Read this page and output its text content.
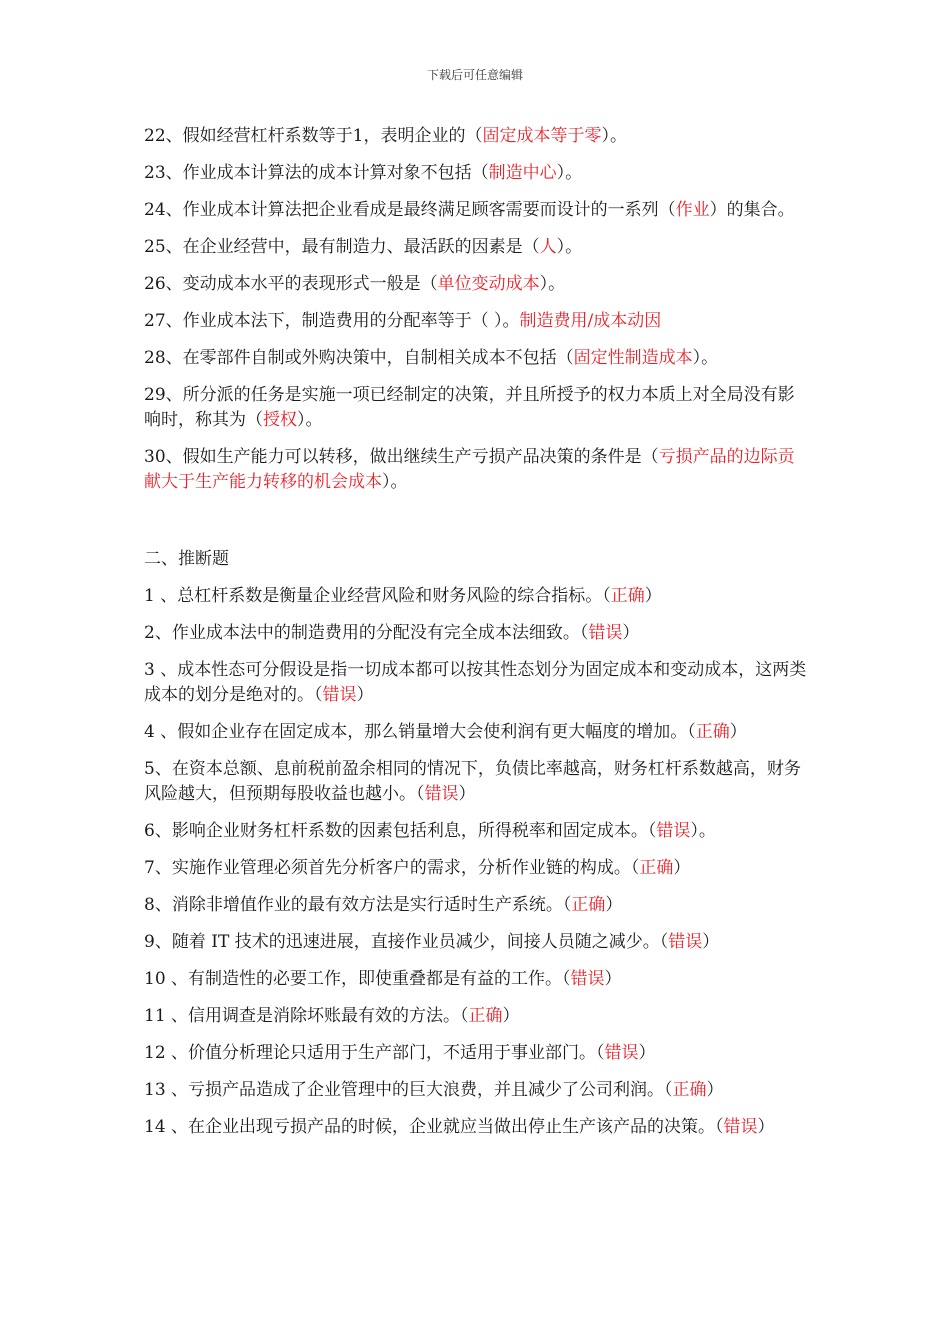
下载后可任意编辑
22、假如经营杠杆系数等于1，表明企业的（固定成本等于零）。
23、作业成本计算法的成本计算对象不包括（制造中心）。
24、作业成本计算法把企业看成是最终满足顾客需要而设计的一系列（作业）的集合。
25、在企业经营中，最有制造力、最活跃的因素是（人）。
26、变动成本水平的表现形式一般是（单位变动成本）。
27、作业成本法下，制造费用的分配率等于（ ）。制造费用/成本动因
28、在零部件自制或外购决策中，自制相关成本不包括（固定性制造成本）。
29、所分派的任务是实施一项已经制定的决策，并且所授予的权力本质上对全局没有影响时，称其为（授权）。
30、假如生产能力可以转移，做出继续生产亏损产品决策的条件是（亏损产品的边际贡献大于生产能力转移的机会成本）。
二、推断题
1 、总杠杆系数是衡量企业经营风险和财务风险的综合指标。（正确）
2、作业成本法中的制造费用的分配没有完全成本法细致。（错误）
3 、成本性态可分假设是指一切成本都可以按其性态划分为固定成本和变动成本，这两类成本的划分是绝对的。（错误）
4 、假如企业存在固定成本，那么销量增大会使利润有更大幅度的增加。（正确）
5、在资本总额、息前税前盈余相同的情况下，负债比率越高，财务杠杆系数越高，财务风险越大，但预期每股收益也越小。（错误）
6、影响企业财务杠杆系数的因素包括利息，所得税率和固定成本。（错误）。
7、实施作业管理必须首先分析客户的需求，分析作业链的构成。（正确）
8、消除非增值作业的最有效方法是实行适时生产系统。（正确）
9、随着 IT 技术的迅速进展，直接作业员减少，间接人员随之减少。（错误）
10 、有制造性的必要工作，即使重叠都是有益的工作。（错误）
11 、信用调查是消除坏账最有效的方法。（正确）
12 、价值分析理论只适用于生产部门，不适用于事业部门。（错误）
13 、亏损产品造成了企业管理中的巨大浪费，并且减少了公司利润。（正确）
14 、在企业出现亏损产品的时候，企业就应当做出停止生产该产品的决策。（错误）
